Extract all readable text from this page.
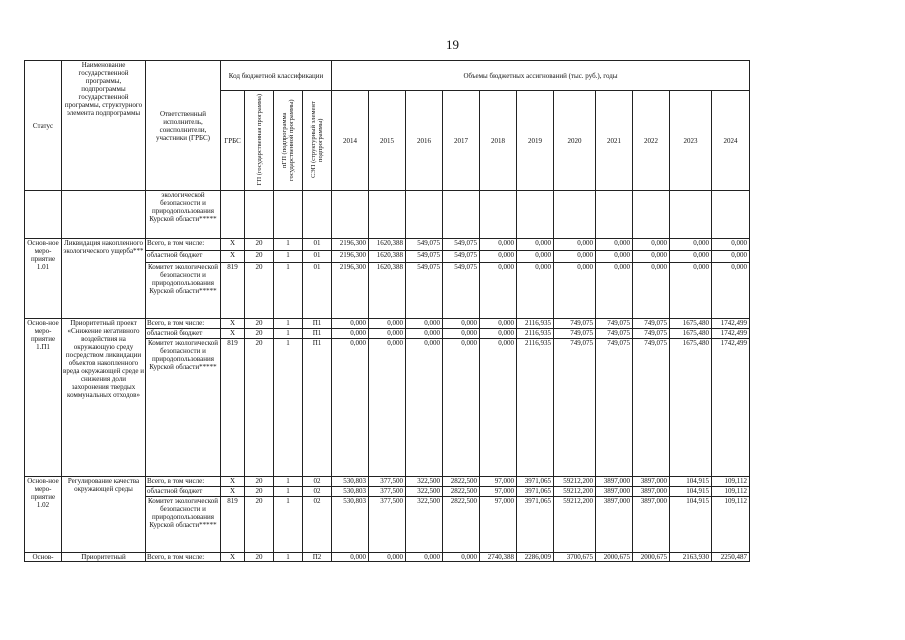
19
Статус	Наименование государственной программы, подпрограммы государственной программы, структурного элемента подпрограммы	Ответственный исполнитель, соисполнители, участники (ГРБС)	Код бюджетной классификации				Объемы бюджетных ассигнований (тыс. руб.), годы										
			ГРБС	ГП (государственная программа)	пГП (подпрограмма государственной программы)	СЭП (структурный элемент подпрограммы)	2014	2015	2016	2017	2018	2019	2020	2021	2022	2023	2024
		экологической безопасности и природопользования Курской области*****															
Основ-ное меро-приятие 1.01	Ликвидация накопленного экологического ущерба***	Всего, в том числе:	Х	20	1	01	2196,300	1620,388	549,075	549,075	0,000	0,000	0,000	0,000	0,000	0,000	0,000
		областной бюджет	Х	20	1	01	2196,300	1620,388	549,075	549,075	0,000	0,000	0,000	0,000	0,000	0,000	0,000
		Комитет экологической безопасности и природопользования Курской области*****	819	20	1	01	2196,300	1620,388	549,075	549,075	0,000	0,000	0,000	0,000	0,000	0,000	0,000
Основ-ное меро-приятие 1.П1	Приоритетный проект «Снижение негативного воздействия на окружающую среду посредством ликвидации объектов накопленного вреда окружающей среде и снижения доли захоронения твердых коммунальных отходов»	Всего, в том числе:	Х	20	1	П1	0,000	0,000	0,000	0,000	0,000	2116,935	749,075	749,075	749,075	1675,480	1742,499
		областной бюджет	Х	20	1	П1	0,000	0,000	0,000	0,000	0,000	2116,935	749,075	749,075	749,075	1675,480	1742,499
		Комитет экологической безопасности и природопользования Курской области*****	819	20	1	П1	0,000	0,000	0,000	0,000	0,000	2116,935	749,075	749,075	749,075	1675,480	1742,499
Основ-ное меро-приятие 1.02	Регулирование качества окружающей среды	Всего, в том числе:	Х	20	1	02	530,803	377,500	322,500	2822,500	97,000	3971,065	59212,200	3897,000	3897,000	104,915	109,112
		областной бюджет	Х	20	1	02	530,803	377,500	322,500	2822,500	97,000	3971,065	59212,200	3897,000	3897,000	104,915	109,112
		Комитет экологической безопасности и природопользования Курской области*****	819	20	1	02	530,803	377,500	322,500	2822,500	97,000	3971,065	59212,200	3897,000	3897,000	104,915	109,112
Основ-	Приоритетный	Всего, в том числе:	Х	20	1	П2	0,000	0,000	0,000	0,000	2740,388	2286,009	3700,675	2000,675	2000,675	2163,930	2250,487
